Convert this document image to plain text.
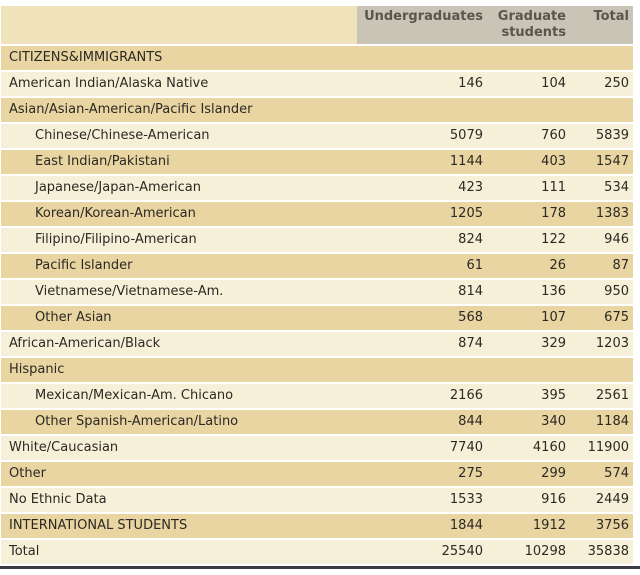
	Undergraduates	Graduate students	Total
CITIZENS&IMMIGRANTS			
American Indian/Alaska Native	146	104	250
Asian/Asian-American/Pacific Islander			
Chinese/Chinese-American	5079	760	5839
East Indian/Pakistani	1144	403	1547
Japanese/Japan-American	423	111	534
Korean/Korean-American	1205	178	1383
Filipino/Filipino-American	824	122	946
Pacific Islander	61	26	87
Vietnamese/Vietnamese-Am.	814	136	950
Other Asian	568	107	675
African-American/Black	874	329	1203
Hispanic			
Mexican/Mexican-Am. Chicano	2166	395	2561
Other Spanish-American/Latino	844	340	1184
White/Caucasian	7740	4160	11900
Other	275	299	574
No Ethnic Data	1533	916	2449
INTERNATIONAL STUDENTS	1844	1912	3756
Total	25540	10298	35838
